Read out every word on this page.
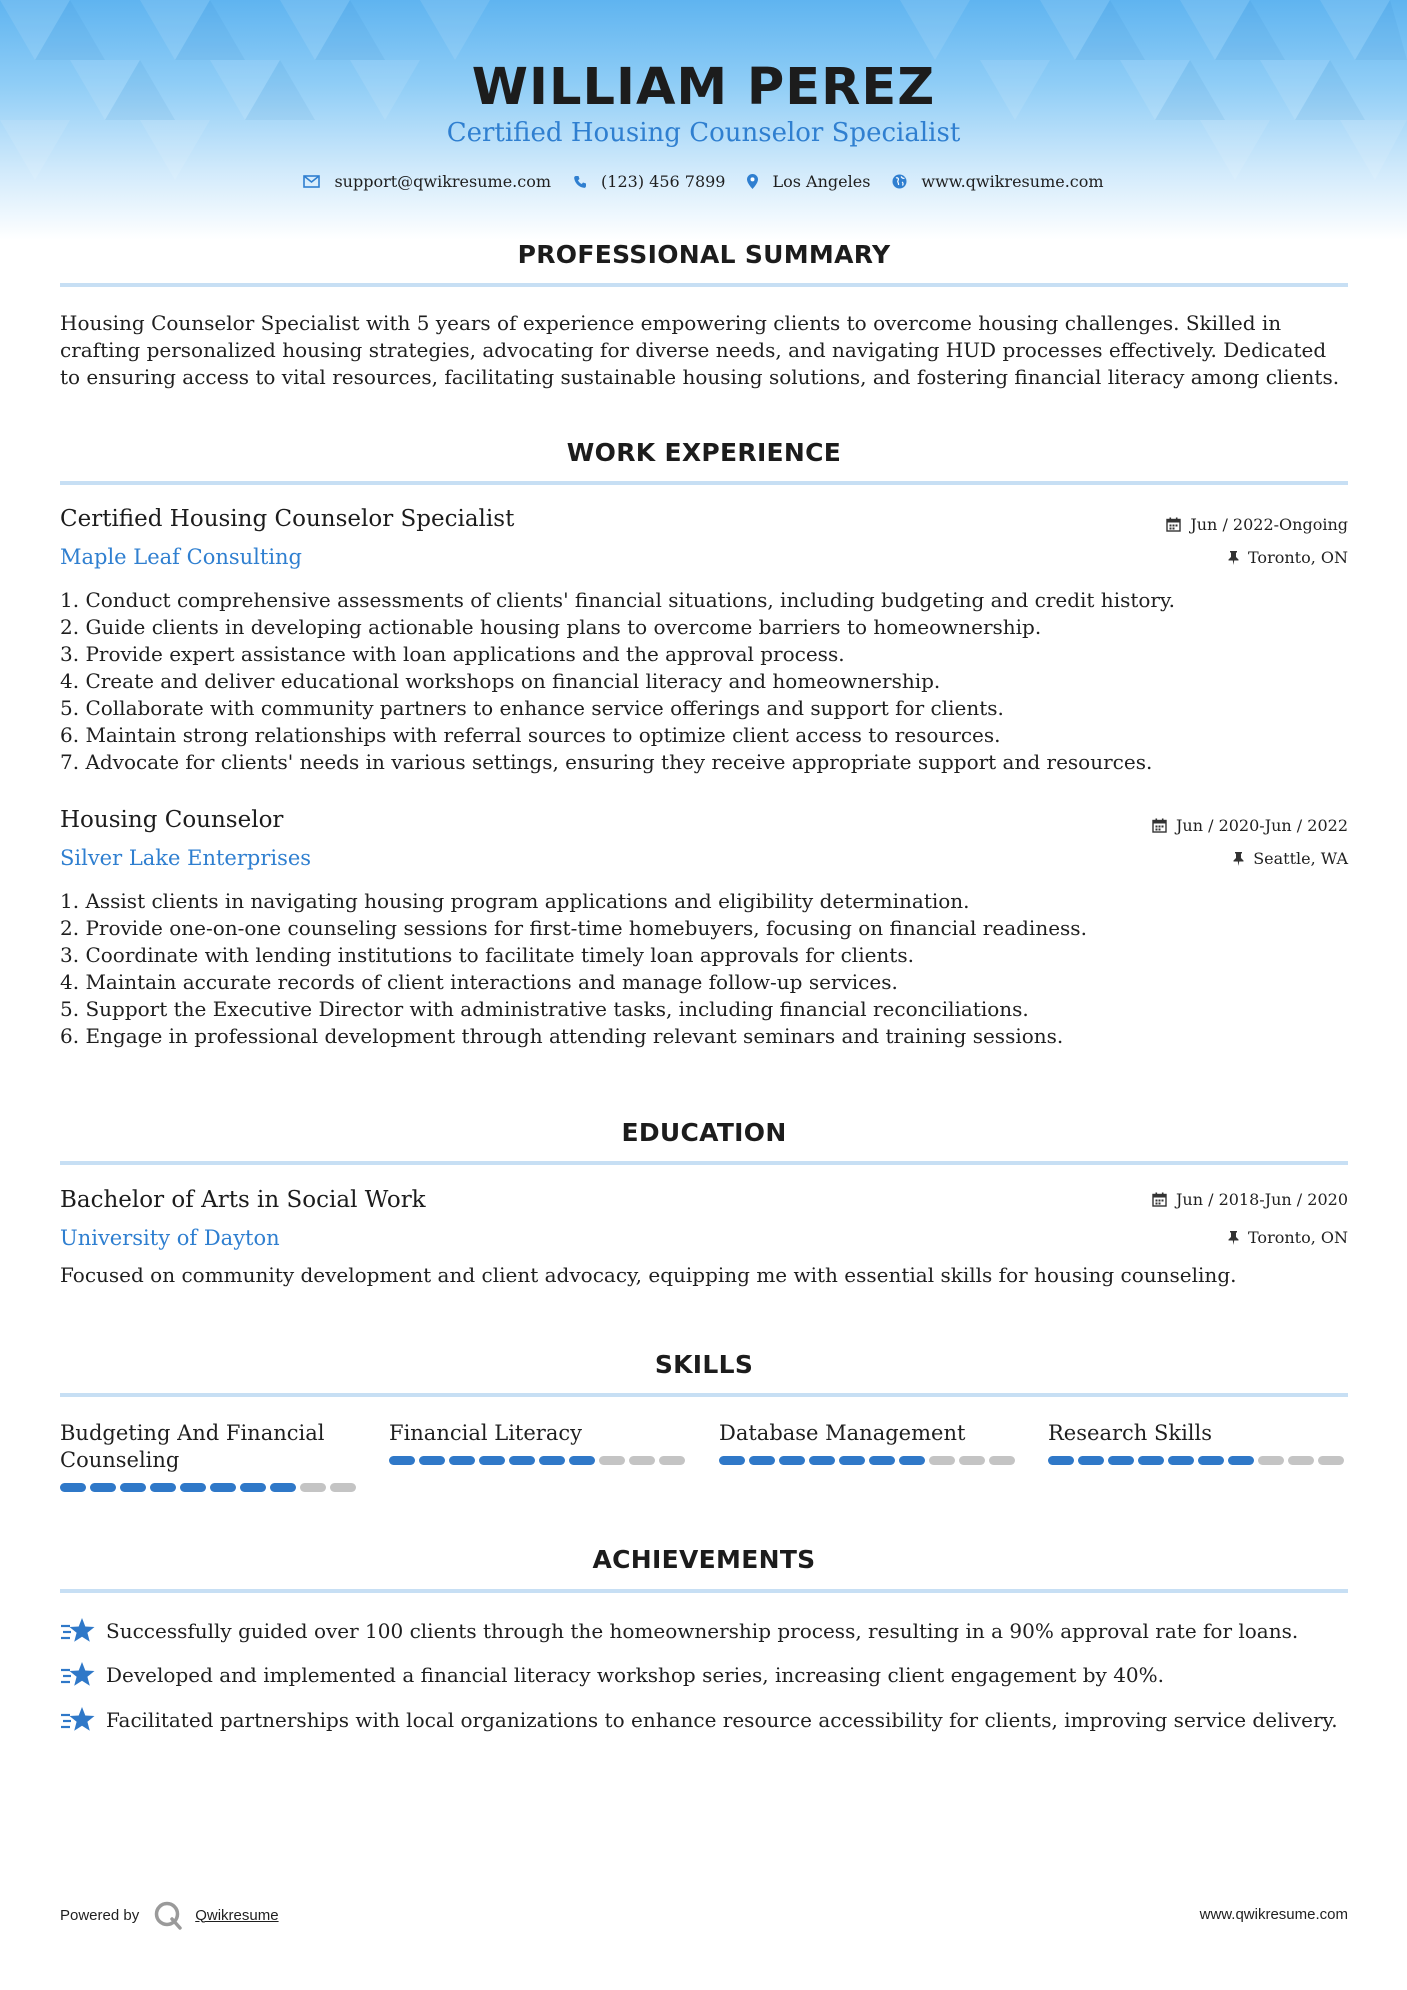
WILLIAM PEREZ
Certified Housing Counselor Specialist
support@qwikresume.com	(123) 456 7899	Los Angeles	www.qwikresume.com
PROFESSIONAL SUMMARY
Housing Counselor Specialist with 5 years of experience empowering clients to overcome housing challenges. Skilled in crafting personalized housing strategies, advocating for diverse needs, and navigating HUD processes effectively. Dedicated to ensuring access to vital resources, facilitating sustainable housing solutions, and fostering financial literacy among clients.
WORK EXPERIENCE
Certified Housing Counselor Specialist
Maple Leaf Consulting
Jun / 2022-Ongoing
Toronto, ON
1. Conduct comprehensive assessments of clients' financial situations, including budgeting and credit history.
2. Guide clients in developing actionable housing plans to overcome barriers to homeownership.
3. Provide expert assistance with loan applications and the approval process.
4. Create and deliver educational workshops on financial literacy and homeownership.
5. Collaborate with community partners to enhance service offerings and support for clients.
6. Maintain strong relationships with referral sources to optimize client access to resources.
7. Advocate for clients' needs in various settings, ensuring they receive appropriate support and resources.
Housing Counselor
Silver Lake Enterprises
Jun / 2020-Jun / 2022
Seattle, WA
1. Assist clients in navigating housing program applications and eligibility determination.
2. Provide one-on-one counseling sessions for first-time homebuyers, focusing on financial readiness.
3. Coordinate with lending institutions to facilitate timely loan approvals for clients.
4. Maintain accurate records of client interactions and manage follow-up services.
5. Support the Executive Director with administrative tasks, including financial reconciliations.
6. Engage in professional development through attending relevant seminars and training sessions.
EDUCATION
Bachelor of Arts in Social Work
University of Dayton
Jun / 2018-Jun / 2020
Toronto, ON
Focused on community development and client advocacy, equipping me with essential skills for housing counseling.
SKILLS
Budgeting And Financial Counseling
Financial Literacy	Database Management	Research Skills
ACHIEVEMENTS
Successfully guided over 100 clients through the homeownership process, resulting in a 90% approval rate for loans.
Developed and implemented a financial literacy workshop series, increasing client engagement by 40%.
Facilitated partnerships with local organizations to enhance resource accessibility for clients, improving service delivery.
Powered by	Qwikresume	www.qwikresume.com
